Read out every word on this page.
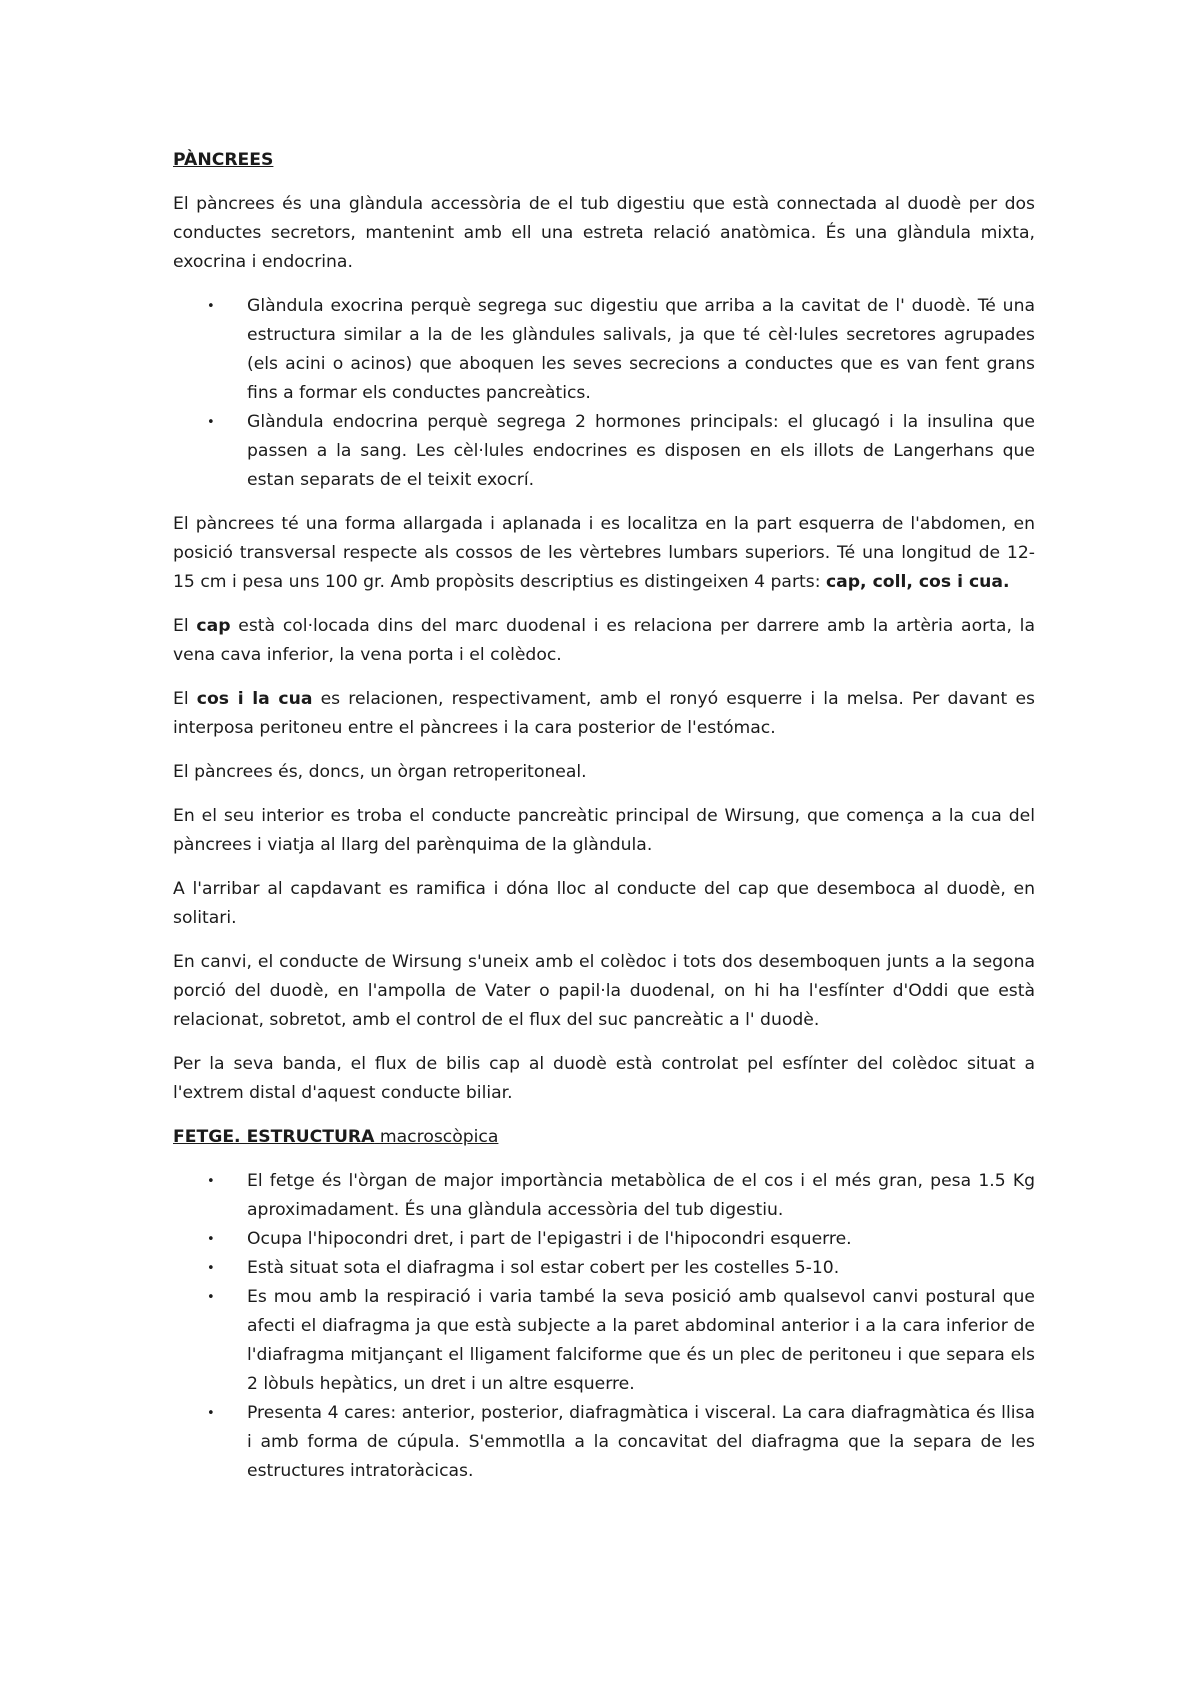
PÀNCREES

El pàncrees és una glàndula accessòria de el tub digestiu que està connectada al duodè per dos conductes secretors, mantenint amb ell una estreta relació anatòmica. És una glàndula mixta, exocrina i endocrina.

• Glàndula exocrina perquè segrega suc digestiu que arriba a la cavitat de l' duodè. Té una estructura similar a la de les glàndules salivals, ja que té cèl·lules secretores agrupades (els acini o acinos) que aboquen les seves secrecions a conductes que es van fent grans fins a formar els conductes pancreàtics.
• Glàndula endocrina perquè segrega 2 hormones principals: el glucagó i la insulina que passen a la sang. Les cèl·lules endocrines es disposen en els illots de Langerhans que estan separats de el teixit exocrí.

El pàncrees té una forma allargada i aplanada i es localitza en la part esquerra de l'abdomen, en posició transversal respecte als cossos de les vèrtebres lumbars superiors. Té una longitud de 12-15 cm i pesa uns 100 gr. Amb propòsits descriptius es distingeixen 4 parts: cap, coll, cos i cua.

El cap està col·locada dins del marc duodenal i es relaciona per darrere amb la artèria aorta, la vena cava inferior, la vena porta i el colèdoc.

El cos i la cua es relacionen, respectivament, amb el ronyó esquerre i la melsa. Per davant es interposa peritoneu entre el pàncrees i la cara posterior de l'estómac.

El pàncrees és, doncs, un òrgan retroperitoneal.

En el seu interior es troba el conducte pancreàtic principal de Wirsung, que comença a la cua del pàncrees i viatja al llarg del parènquima de la glàndula.

A l'arribar al capdavant es ramifica i dóna lloc al conducte del cap que desemboca al duodè, en solitari.

En canvi, el conducte de Wirsung s'uneix amb el colèdoc i tots dos desemboquen junts a la segona porció del duodè, en l'ampolla de Vater o papil·la duodenal, on hi ha l'esfínter d'Oddi que està relacionat, sobretot, amb el control de el flux del suc pancreàtic a l' duodè.

Per la seva banda, el flux de bilis cap al duodè està controlat pel esfínter del colèdoc situat a l'extrem distal d'aquest conducte biliar.

FETGE. ESTRUCTURA macroscòpica
• El fetge és l'òrgan de major importància metabòlica de el cos i el més gran, pesa 1.5 Kg aproximadament. És una glàndula accessòria del tub digestiu.
• Ocupa l'hipocondri dret, i part de l'epigastri i de l'hipocondri esquerre.
• Està situat sota el diafragma i sol estar cobert per les costelles 5-10.
• Es mou amb la respiració i varia també la seva posició amb qualsevol canvi postural que afecti el diafragma ja que està subjecte a la paret abdominal anterior i a la cara inferior de l'diafragma mitjançant el lligament falciforme que és un plec de peritoneu i que separa els 2 lòbuls hepàtics, un dret i un altre esquerre.
• Presenta 4 cares: anterior, posterior, diafragmàtica i visceral. La cara diafragmàtica és llisa i amb forma de cúpula. S'emmotlla a la concavitat del diafragma que la separa de les estructures intratoràcicas.
